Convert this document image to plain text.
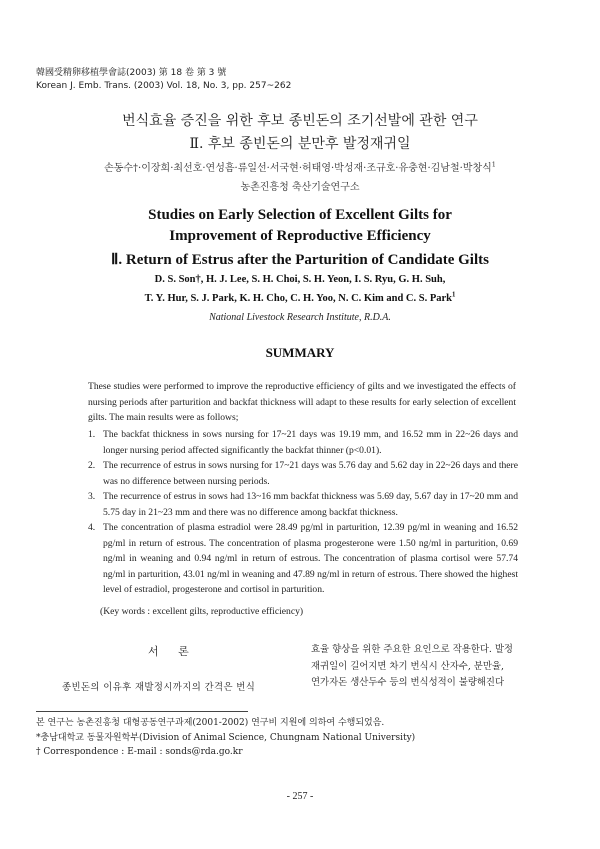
韓國受精卵移植學會誌(2003) 第 18 卷 第 3 號
Korean J. Emb. Trans. (2003) Vol. 18, No. 3, pp. 257~262
번식효율 증진을 위한 후보 종빈돈의 조기선발에 관한 연구
Ⅱ. 후보 종빈돈의 분만후 발정재귀일
손동수†·이장희·최선호·연성흠·류일선·서국현·허태영·박성재·조규호·유충현·김남철·박창식$^1$
농촌진흥청 축산기술연구소
Studies on Early Selection of Excellent Gilts for
Improvement of Reproductive Efficiency
Ⅱ. Return of Estrus after the Parturition of Candidate Gilts
D. S. Son†, H. J. Lee, S. H. Choi, S. H. Yeon, I. S. Ryu, G. H. Suh,
T. Y. Hur, S. J. Park, K. H. Cho, C. H. Yoo, N. C. Kim and C. S. Park$^1$
National Livestock Research Institute, R.D.A.
SUMMARY
These studies were performed to improve the reproductive efficiency of gilts and we investigated the effects of nursing periods after parturition and backfat thickness will adapt to these results for early selection of excellent gilts. The main results were as follows;
1. The backfat thickness in sows nursing for 17~21 days was 19.19 mm, and 16.52 mm in 22~26 days and longer nursing period affected significantly the backfat thinner (p<0.01).
2. The recurrence of estrus in sows nursing for 17~21 days was 5.76 day and 5.62 day in 22~26 days and there was no difference between nursing periods.
3. The recurrence of estrus in sows had 13~16 mm backfat thickness was 5.69 day, 5.67 day in 17~20 mm and 5.75 day in 21~23 mm and there was no difference among backfat thickness.
4. The concentration of plasma estradiol were 28.49 pg/ml in parturition, 12.39 pg/ml in weaning and 16.52 pg/ml in return of estrous. The concentration of plasma progesterone were 1.50 ng/ml in parturition, 0.69 ng/ml in weaning and 0.94 ng/ml in return of estrous. The concentration of plasma cortisol were 57.74 ng/ml in parturition, 43.01 ng/ml in weaning and 47.89 ng/ml in return of estrous. There showed the highest level of estradiol, progesterone and cortisol in parturition.
(Key words : excellent gilts, reproductive efficiency)
서 론
종빈돈의 이유후 재발정시까지의 간격은 번식
효율 향상을 위한 주요한 요인으로 작용한다. 발정
재귀일이 길어지면 차기 번식시 산자수, 분만율,
연가자돈 생산두수 등의 번식성적이 불량해진다
본 연구는 농촌진흥청 대형공동연구과제(2001-2002) 연구비 지원에 의하여 수행되었음.
*충남대학교 동물자원학부(Division of Animal Science, Chungnam National University)
† Correspondence : E-mail : sonds@rda.go.kr
- 257 -
